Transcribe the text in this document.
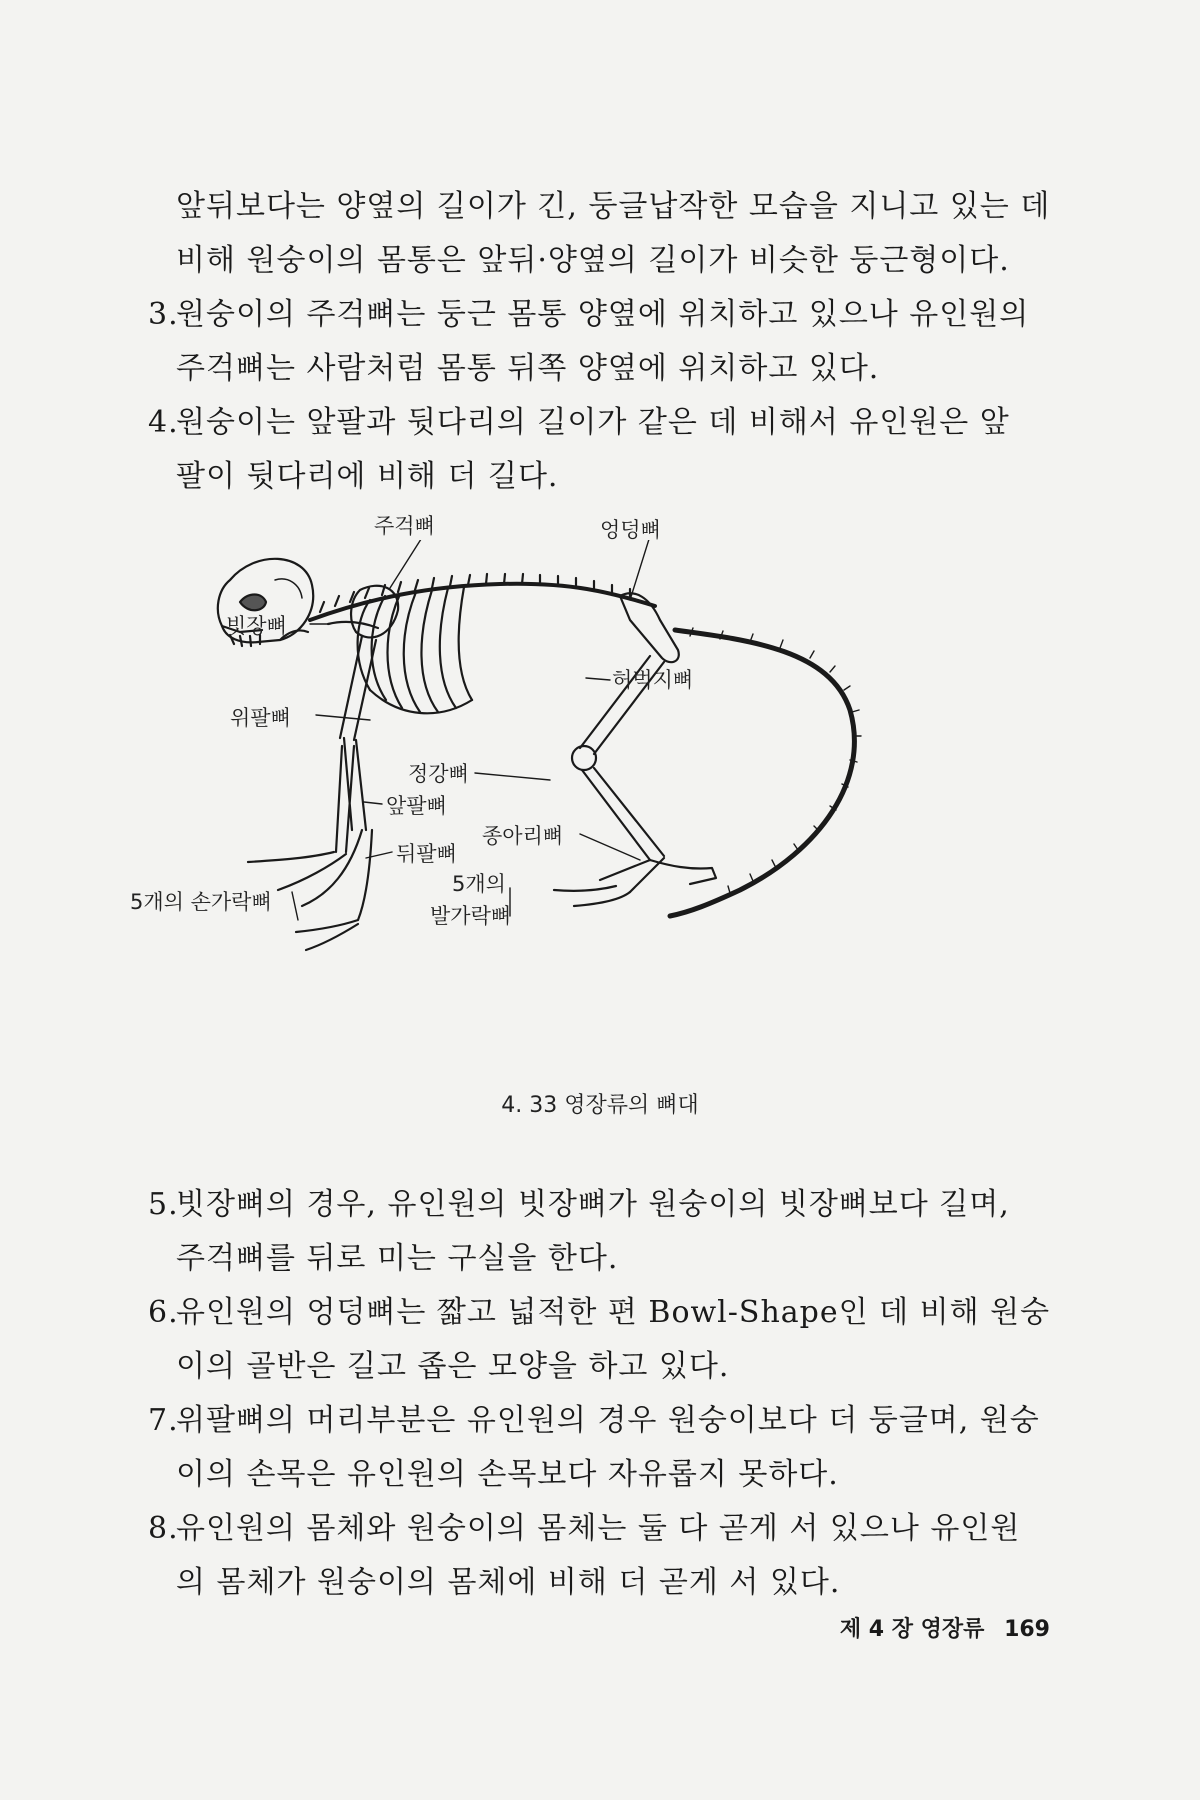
앞뒤보다는 양옆의 길이가 긴, 둥글납작한 모습을 지니고 있는 데
비해 원숭이의 몸통은 앞뒤·양옆의 길이가 비슷한 둥근형이다.
3.
원숭이의 주걱뼈는 둥근 몸통 양옆에 위치하고 있으나 유인원의
주걱뼈는 사람처럼 몸통 뒤쪽 양옆에 위치하고 있다.
4.
원숭이는 앞팔과 뒷다리의 길이가 같은 데 비해서 유인원은 앞
팔이 뒷다리에 비해 더 길다.
주걱뼈	엉덩뼈
빗장뼈
허벅지뼈
위팔뼈
정강뼈
앞팔뼈
종아리뼈
뒤팔뼈
5개의
발가락뼈
5개의 손가락뼈
4. 33 영장류의 뼈대
5.
빗장뼈의 경우, 유인원의 빗장뼈가 원숭이의 빗장뼈보다 길며,
주걱뼈를 뒤로 미는 구실을 한다.
6.
유인원의 엉덩뼈는 짧고 넓적한 편 Bowl-Shape인 데 비해 원숭
이의 골반은 길고 좁은 모양을 하고 있다.
7.
위팔뼈의 머리부분은 유인원의 경우 원숭이보다 더 둥글며, 원숭
이의 손목은 유인원의 손목보다 자유롭지 못하다.
8.
유인원의 몸체와 원숭이의 몸체는 둘 다 곧게 서 있으나 유인원
의 몸체가 원숭이의 몸체에 비해 더 곧게 서 있다.
제 4 장 영장류 169
